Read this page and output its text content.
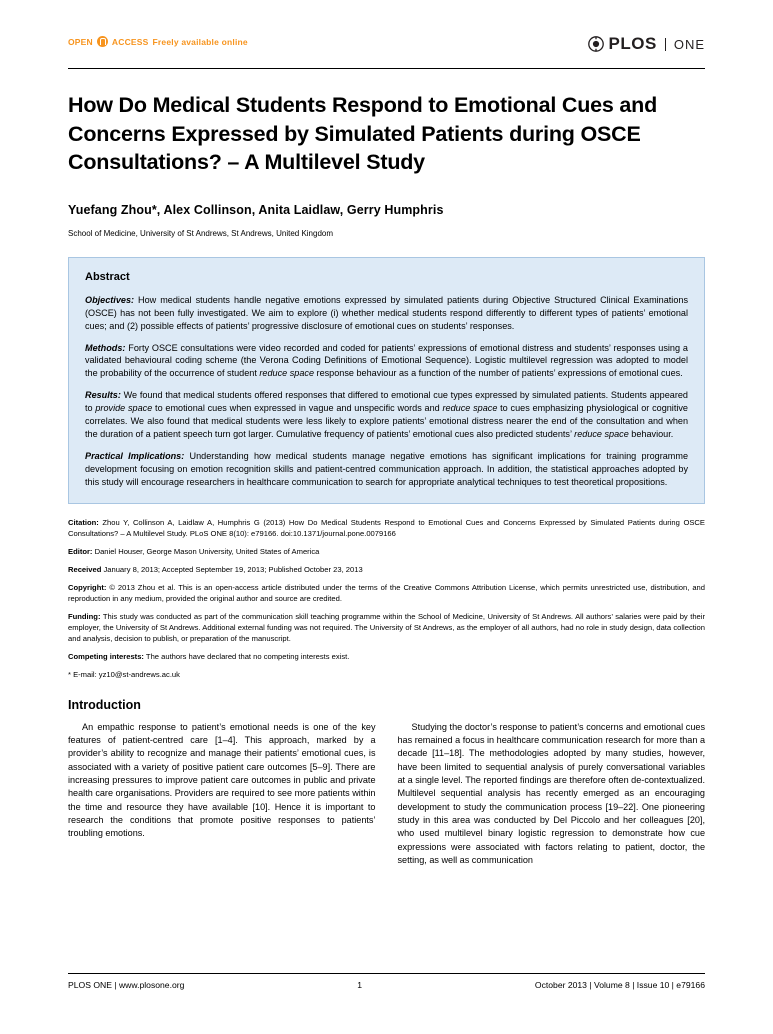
OPEN ACCESS Freely available online	PLOS ONE
How Do Medical Students Respond to Emotional Cues and Concerns Expressed by Simulated Patients during OSCE Consultations? – A Multilevel Study
Yuefang Zhou*, Alex Collinson, Anita Laidlaw, Gerry Humphris
School of Medicine, University of St Andrews, St Andrews, United Kingdom
Abstract
Objectives: How medical students handle negative emotions expressed by simulated patients during Objective Structured Clinical Examinations (OSCE) has not been fully investigated. We aim to explore (i) whether medical students respond differently to different types of patients’ emotional cues; and (2) possible effects of patients’ progressive disclosure of emotional cues on students’ responses.
Methods: Forty OSCE consultations were video recorded and coded for patients’ expressions of emotional distress and students’ responses using a validated behavioural coding scheme (the Verona Coding Definitions of Emotional Sequence). Logistic multilevel regression was adopted to model the probability of the occurrence of student reduce space response behaviour as a function of the number of patients’ expressions of emotional cues.
Results: We found that medical students offered responses that differed to emotional cue types expressed by simulated patients. Students appeared to provide space to emotional cues when expressed in vague and unspecific words and reduce space to cues emphasizing physiological or cognitive correlates. We also found that medical students were less likely to explore patients’ emotional distress nearer the end of the consultation and when the duration of a patient speech turn got larger. Cumulative frequency of patients’ emotional cues also predicted students’ reduce space behaviour.
Practical Implications: Understanding how medical students manage negative emotions has significant implications for training programme development focusing on emotion recognition skills and patient-centred communication approach. In addition, the statistical approaches adopted by this study will encourage researchers in healthcare communication to search for appropriate analytical techniques to test theoretical propositions.

Citation: Zhou Y, Collinson A, Laidlaw A, Humphris G (2013) How Do Medical Students Respond to Emotional Cues and Concerns Expressed by Simulated Patients during OSCE Consultations? – A Multilevel Study. PLoS ONE 8(10): e79166. doi:10.1371/journal.pone.0079166

Editor: Daniel Houser, George Mason University, United States of America

Received January 8, 2013; Accepted September 19, 2013; Published October 23, 2013

Copyright: © 2013 Zhou et al. This is an open-access article distributed under the terms of the Creative Commons Attribution License, which permits unrestricted use, distribution, and reproduction in any medium, provided the original author and source are credited.

Funding: This study was conducted as part of the communication skill teaching programme within the School of Medicine, University of St Andrews. All authors’ salaries were paid by their employer, the University of St Andrews. Additional external funding was not required. The University of St Andrews, as the employer of all authors, had no role in study design, data collection and analysis, decision to publish, or preparation of the manuscript.

Competing interests: The authors have declared that no competing interests exist.

* E-mail: yz10@st-andrews.ac.uk

Introduction

An empathic response to patient’s emotional needs is one of the key features of patient-centred care [1–4]. This approach, marked by a provider’s ability to recognize and manage their patients’ emotional cues, is associated with a variety of positive patient care outcomes [5–9]. There are increasing pressures to improve patient care outcomes in public and private health care organisations. Providers are required to see more patients within the time and resource they have available [10]. Hence it is important to research the conditions that promote positive responses to patients’ troubling emotions.

Studying the doctor’s response to patient’s concerns and emotional cues has remained a focus in healthcare communication research for more than a decade [11–18]. The methodologies adopted by many studies, however, have been limited to sequential analysis of purely conversational variables at a single level. The reported findings are therefore often de-contextualized. Multilevel sequential analysis has recently emerged as an encouraging development to study the communication process [19–22]. One pioneering study in this area was conducted by Del Piccolo and her colleagues [20], who used multilevel binary logistic regression to demonstrate how cue expressions were associated with factors relating to patient, doctor, the setting, as well as communication

PLOS ONE | www.plosone.org	1	October 2013 | Volume 8 | Issue 10 | e79166
